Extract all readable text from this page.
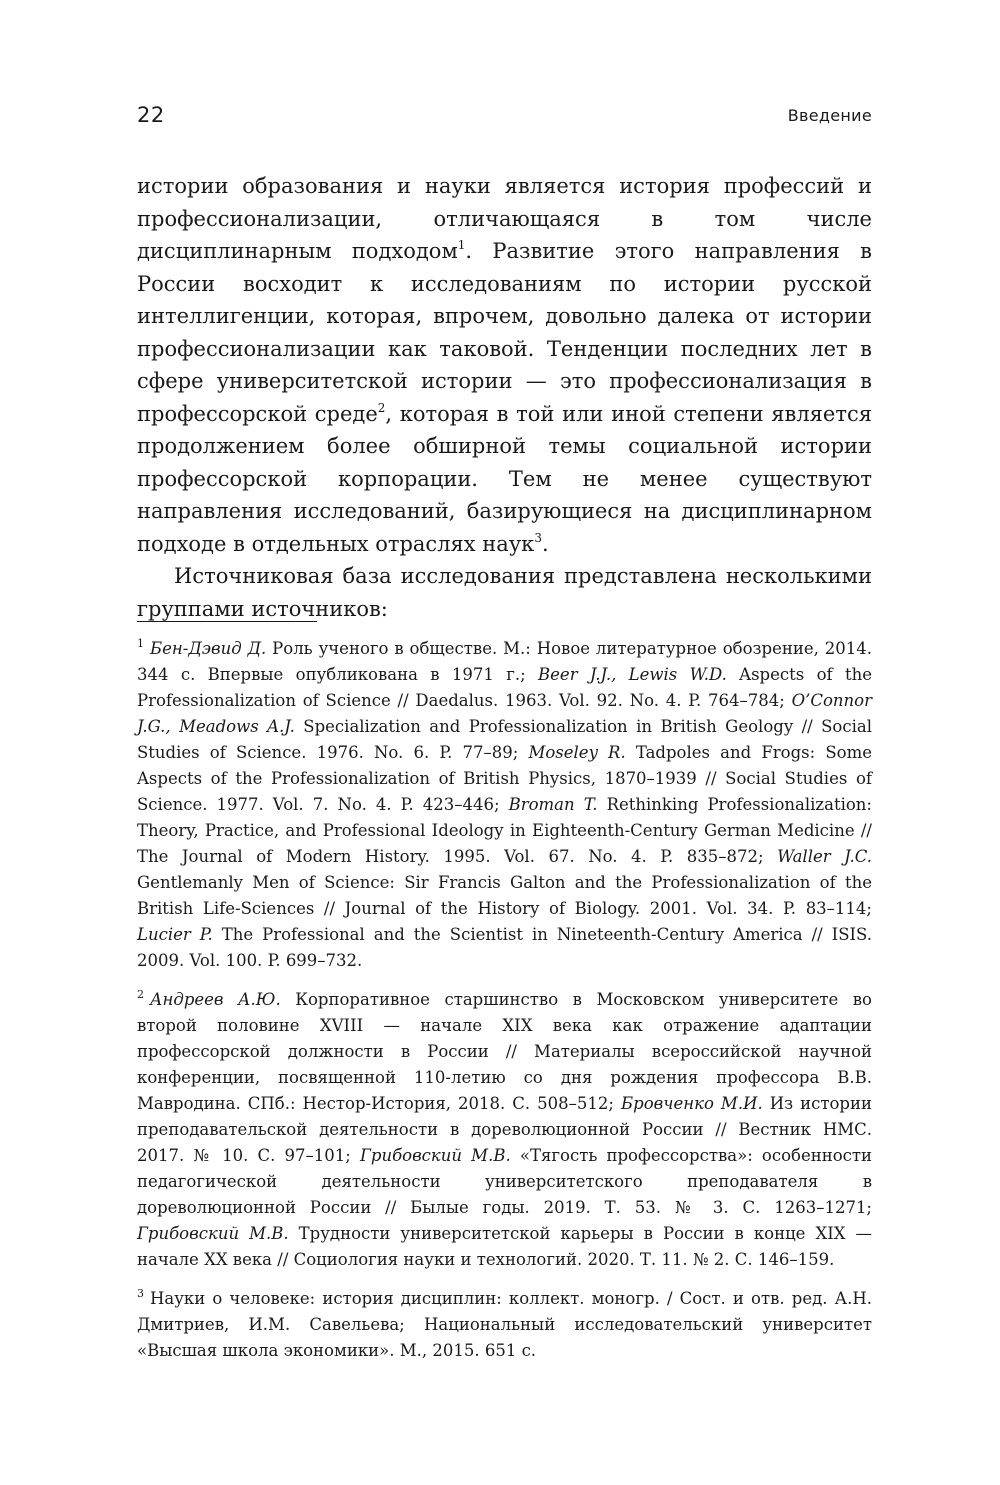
22	Введение

истории образования и науки является история профессий и профессионализации, отличающаяся в том числе дисциплинарным подходом$^1$. Развитие этого направления в России восходит к исследованиям по истории русской интеллигенции, которая, впрочем, довольно далека от истории профессионализации как таковой. Тенденции последних лет в сфере университетской истории — это профессионализация в профессорской среде$^2$, которая в той или иной степени является продолжением более обширной темы социальной истории профессорской корпорации. Тем не менее существуют направления исследований, базирующиеся на дисциплинарном подходе в отдельных отраслях наук$^3$.

Источниковая база исследования представлена несколькими группами источников:

$^1$ Бен-Дэвид Д. Роль ученого в обществе. М.: Новое литературное обозрение, 2014. 344 с. Впервые опубликована в 1971 г.; Beer J.J., Lewis W.D. Aspects of the Professionalization of Science // Daedalus. 1963. Vol. 92. No. 4. P. 764–784; O’Connor J.G., Meadows A.J. Specialization and Professionalization in British Geology // Social Studies of Science. 1976. No. 6. P. 77–89; Moseley R. Tadpoles and Frogs: Some Aspects of the Professionalization of British Physics, 1870–1939 // Social Studies of Science. 1977. Vol. 7. No. 4. P. 423–446; Broman T. Rethinking Professionalization: Theory, Practice, and Professional Ideology in Eighteenth-Century German Medicine // The Journal of Modern History. 1995. Vol. 67. No. 4. P. 835–872; Waller J.C. Gentlemanly Men of Science: Sir Francis Galton and the Professionalization of the British Life-Sciences // Journal of the History of Biology. 2001. Vol. 34. P. 83–114; Lucier P. The Professional and the Scientist in Nineteenth-Century America // ISIS. 2009. Vol. 100. P. 699–732.

$^2$ Андреев А.Ю. Корпоративное старшинство в Московском университете во второй половине XVIII — начале XIX века как отражение адаптации профессорской должности в России // Материалы всероссийской научной конференции, посвященной 110-летию со дня рождения профессора В.В. Мавродина. СПб.: Нестор-История, 2018. С. 508–512; Бровченко М.И. Из истории преподавательской деятельности в дореволюционной России // Вестник НМС. 2017. № 10. С. 97–101; Грибовский М.В. «Тягость профессорства»: особенности педагогической деятельности университетского преподавателя в дореволюционной России // Былые годы. 2019. Т. 53. № 3. С. 1263–1271; Грибовский М.В. Трудности университетской карьеры в России в конце XIX — начале XX века // Социология науки и технологий. 2020. Т. 11. № 2. С. 146–159.

$^3$ Науки о человеке: история дисциплин: коллект. моногр. / Сост. и отв. ред. А.Н. Дмитриев, И.М. Савельева; Национальный исследовательский университет «Высшая школа экономики». М., 2015. 651 с.
